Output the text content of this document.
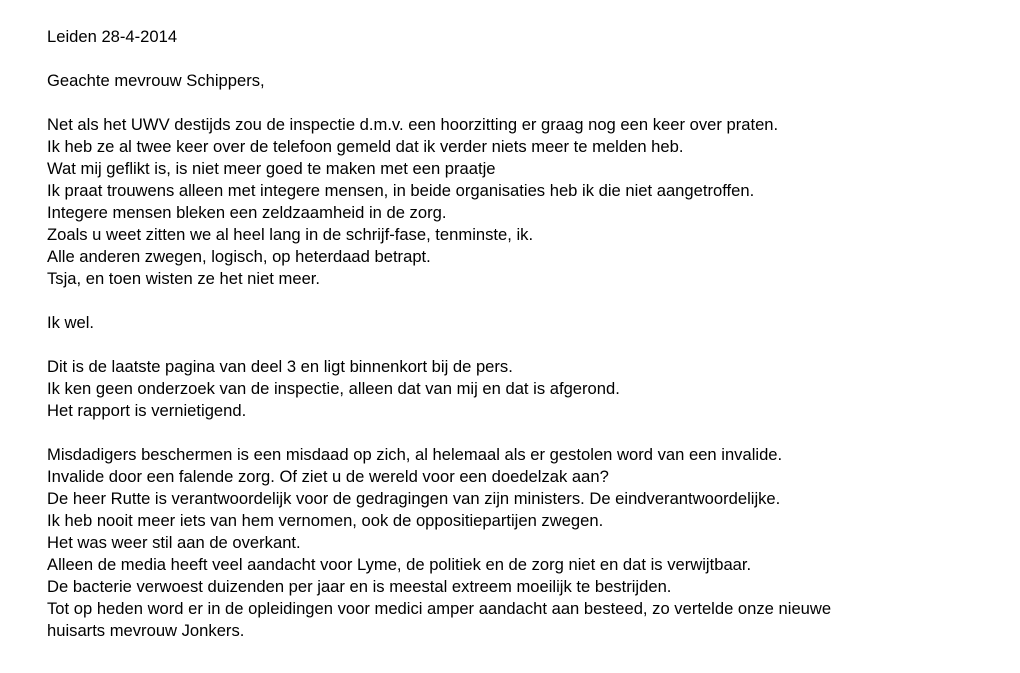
Leiden 28-4-2014
Geachte mevrouw Schippers,
Net als het UWV destijds zou de inspectie d.m.v. een hoorzitting er graag nog een keer over praten.
Ik heb ze al twee keer over de telefoon gemeld dat ik verder niets meer te melden heb.
Wat mij geflikt is, is niet meer goed te maken met een praatje
Ik praat trouwens alleen met integere mensen, in beide organisaties heb ik die niet aangetroffen.
Integere mensen bleken een zeldzaamheid in de zorg.
Zoals u weet zitten we al heel lang in de schrijf-fase, tenminste, ik.
Alle anderen zwegen, logisch, op heterdaad betrapt.
Tsja, en toen wisten ze het niet meer.
Ik wel.
Dit is de laatste pagina van deel 3 en ligt binnenkort bij de pers.
Ik ken geen onderzoek van de inspectie, alleen dat van mij en dat is afgerond.
Het rapport is vernietigend.
Misdadigers beschermen is een misdaad op zich, al helemaal als er gestolen word van een invalide.
Invalide door een falende zorg. Of ziet u de wereld voor een doedelzak aan?
De heer Rutte is verantwoordelijk voor de gedragingen van zijn ministers. De eindverantwoordelijke.
Ik heb nooit meer iets van hem vernomen, ook de oppositiepartijen zwegen.
Het was weer stil aan de overkant.
Alleen de media heeft veel aandacht voor Lyme, de politiek en de zorg niet en dat is verwijtbaar.
De bacterie verwoest duizenden per jaar en is meestal extreem moeilijk te bestrijden.
Tot op heden word er in de opleidingen voor medici amper aandacht aan besteed, zo vertelde onze nieuwe
huisarts mevrouw Jonkers.
